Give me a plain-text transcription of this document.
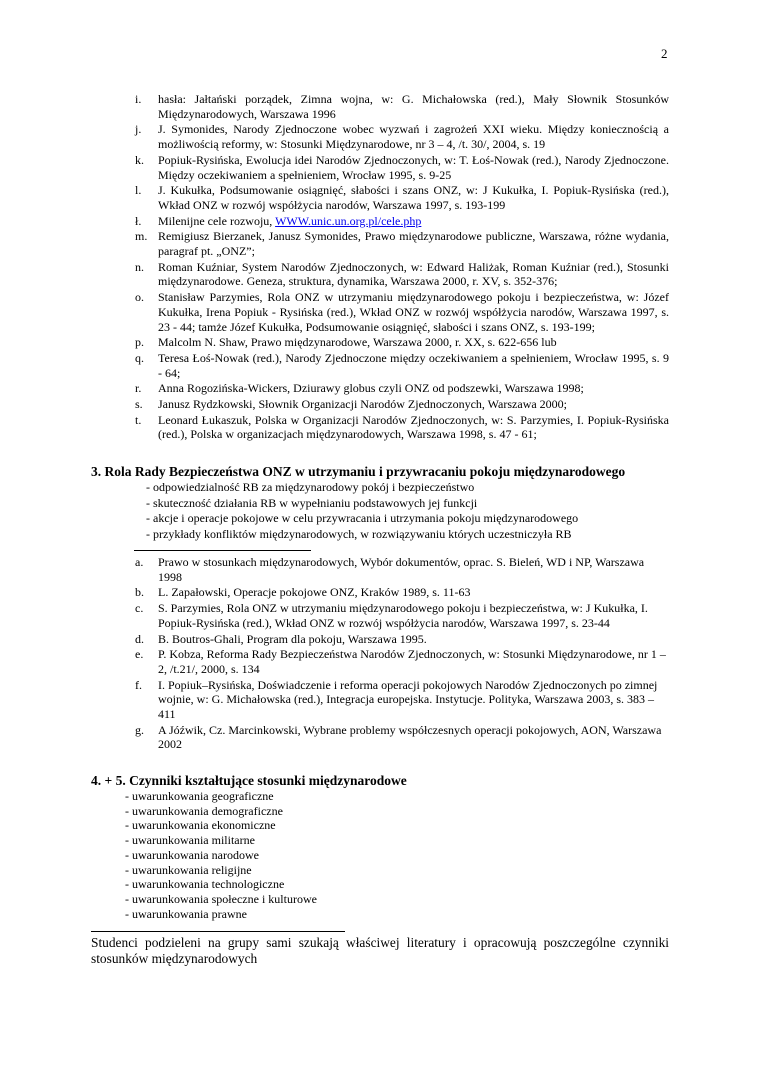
2
i. hasła: Jałtański porządek, Zimna wojna, w: G. Michałowska (red.), Mały Słownik Stosunków Międzynarodowych, Warszawa 1996
j. J. Symonides, Narody Zjednoczone wobec wyzwań i zagrożeń XXI wieku. Między koniecznością a możliwością reformy, w: Stosunki Międzynarodowe, nr 3 – 4, /t. 30/, 2004, s. 19
k. Popiuk-Rysińska, Ewolucja idei Narodów Zjednoczonych, w: T. Łoś-Nowak (red.), Narody Zjednoczone. Między oczekiwaniem a spełnieniem, Wrocław 1995, s. 9-25
l. J. Kukułka, Podsumowanie osiągnięć, słabości i szans ONZ, w: J Kukułka, I. Popiuk-Rysińska (red.), Wkład ONZ w rozwój współżycia narodów, Warszawa 1997, s. 193-199
ł. Milenijne cele rozwoju, WWW.unic.un.org.pl/cele.php
m. Remigiusz Bierzanek, Janusz Symonides, Prawo międzynarodowe publiczne, Warszawa, różne wydania, paragraf pt. „ONZ”;
n. Roman Kuźniar, System Narodów Zjednoczonych, w: Edward Haliżak, Roman Kuźniar (red.), Stosunki międzynarodowe. Geneza, struktura, dynamika, Warszawa 2000, r. XV, s. 352-376;
o. Stanisław Parzymies, Rola ONZ w utrzymaniu międzynarodowego pokoju i bezpieczeństwa, w: Józef Kukułka, Irena Popiuk - Rysińska (red.), Wkład ONZ w rozwój współżycia narodów, Warszawa 1997, s. 23 - 44; tamże Józef Kukułka, Podsumowanie osiągnięć, słabości i szans ONZ, s. 193-199;
p. Malcolm N. Shaw, Prawo międzynarodowe, Warszawa 2000, r. XX, s. 622-656 lub
q. Teresa Łoś-Nowak (red.), Narody Zjednoczone między oczekiwaniem a spełnieniem, Wrocław 1995, s. 9 - 64;
r. Anna Rogozińska-Wickers, Dziurawy globus czyli ONZ od podszewki, Warszawa 1998;
s. Janusz Rydzkowski, Słownik Organizacji Narodów Zjednoczonych, Warszawa 2000;
t. Leonard Łukaszuk, Polska w Organizacji Narodów Zjednoczonych, w: S. Parzymies, I. Popiuk-Rysińska (red.), Polska w organizacjach międzynarodowych, Warszawa 1998, s. 47 - 61;
3. Rola Rady Bezpieczeństwa ONZ w utrzymaniu i przywracaniu pokoju międzynarodowego
- odpowiedzialność RB za międzynarodowy pokój i bezpieczeństwo
- skuteczność działania RB w wypełnianiu podstawowych jej funkcji
- akcje i operacje pokojowe w celu przywracania i utrzymania pokoju międzynarodowego
- przykłady konfliktów międzynarodowych, w rozwiązywaniu których uczestniczyła RB
a. Prawo w stosunkach międzynarodowych, Wybór dokumentów, oprac. S. Bieleń, WD i NP, Warszawa 1998
b. L. Zapałowski, Operacje pokojowe ONZ, Kraków 1989, s. 11-63
c. S. Parzymies, Rola ONZ w utrzymaniu międzynarodowego pokoju i bezpieczeństwa, w: J Kukułka, I. Popiuk-Rysińska (red.), Wkład ONZ w rozwój współżycia narodów, Warszawa 1997, s. 23-44
d. B. Boutros-Ghali, Program dla pokoju, Warszawa 1995.
e. P. Kobza, Reforma Rady Bezpieczeństwa Narodów Zjednoczonych, w: Stosunki Międzynarodowe, nr 1 – 2, /t.21/, 2000, s. 134
f. I. Popiuk–Rysińska, Doświadczenie i reforma operacji pokojowych Narodów Zjednoczonych po zimnej wojnie, w: G. Michałowska (red.), Integracja europejska. Instytucje. Polityka, Warszawa 2003, s. 383 – 411
g. A Jóźwik, Cz. Marcinkowski, Wybrane problemy współczesnych operacji pokojowych, AON, Warszawa 2002
4. + 5. Czynniki kształtujące stosunki międzynarodowe
- uwarunkowania geograficzne
- uwarunkowania demograficzne
- uwarunkowania ekonomiczne
- uwarunkowania militarne
- uwarunkowania narodowe
- uwarunkowania religijne
- uwarunkowania technologiczne
- uwarunkowania społeczne i kulturowe
- uwarunkowania prawne
Studenci podzieleni na grupy sami szukają właściwej literatury i opracowują poszczególne czynniki stosunków międzynarodowych
